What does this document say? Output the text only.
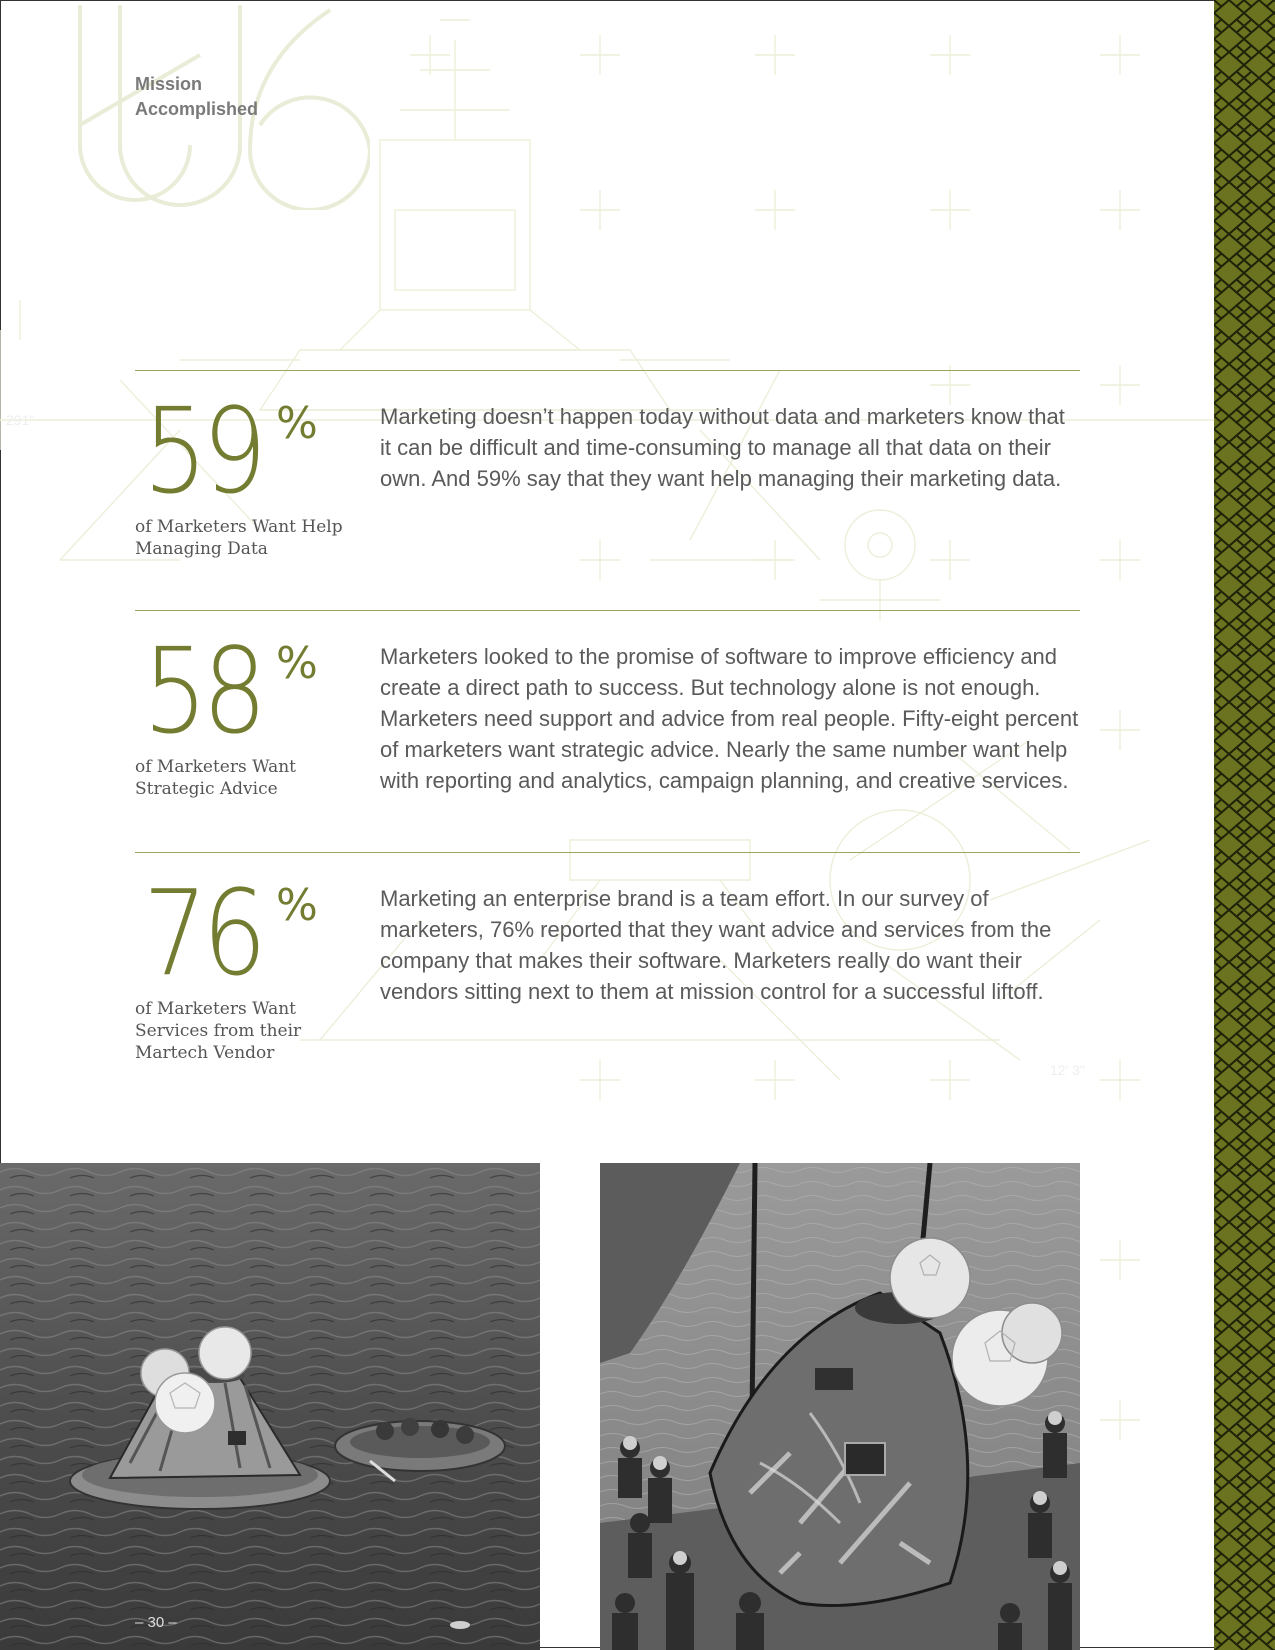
291"
12' 3"
Mission
Accomplished
59 %
of Marketers Want Help Managing Data
Marketing doesn’t happen today without data and marketers know that it can be difficult and time-consuming to manage all that data on their own. And 59% say that they want help managing their marketing data.
58 %
of Marketers Want Strategic Advice
Marketers looked to the promise of software to improve efficiency and create a direct path to success. But technology alone is not enough. Marketers need support and advice from real people. Fifty-eight percent of marketers want strategic advice. Nearly the same number want help with reporting and analytics, campaign planning, and creative services.
76 %
of Marketers Want Services from their Martech Vendor
Marketing an enterprise brand is a team effort. In our survey of marketers, 76% reported that they want advice and services from the company that makes their software. Marketers really do want their vendors sitting next to them at mission control for a successful liftoff.
– 30 –
